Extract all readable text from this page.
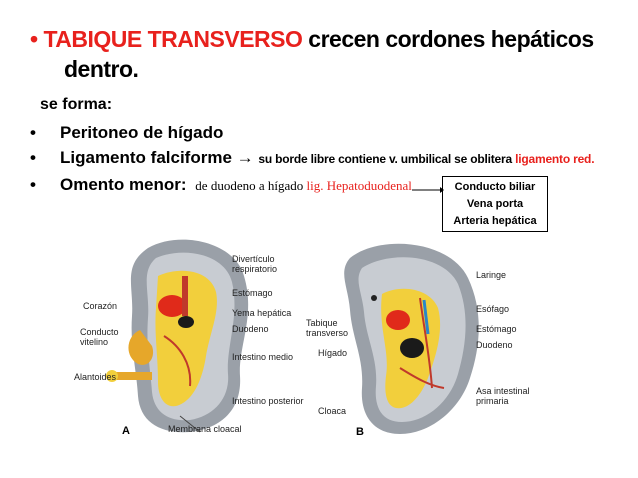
• TABIQUE TRANSVERSO crecen cordones hepáticos
dentro.
se forma:
• Peritoneo de hígado
• Ligamento falciforme → su borde libre contiene v. umbilical se oblitera ligamento red.
• Omento menor: de duodeno a hígado lig. Hepatoduodenal	Conducto biliar
Vena porta
Arteria hepática
Divertículo respiratorio
Estómago
Corazón
Yema hepática
Conducto vitelino
Duodeno
Intestino medio
Alantoides
Intestino posterior
Membrana cloacal
A
Laringe
Esófago
Tabique transverso	Estómago
Hígado
Duodeno
Asa intestinal primaria
Cloaca
B
